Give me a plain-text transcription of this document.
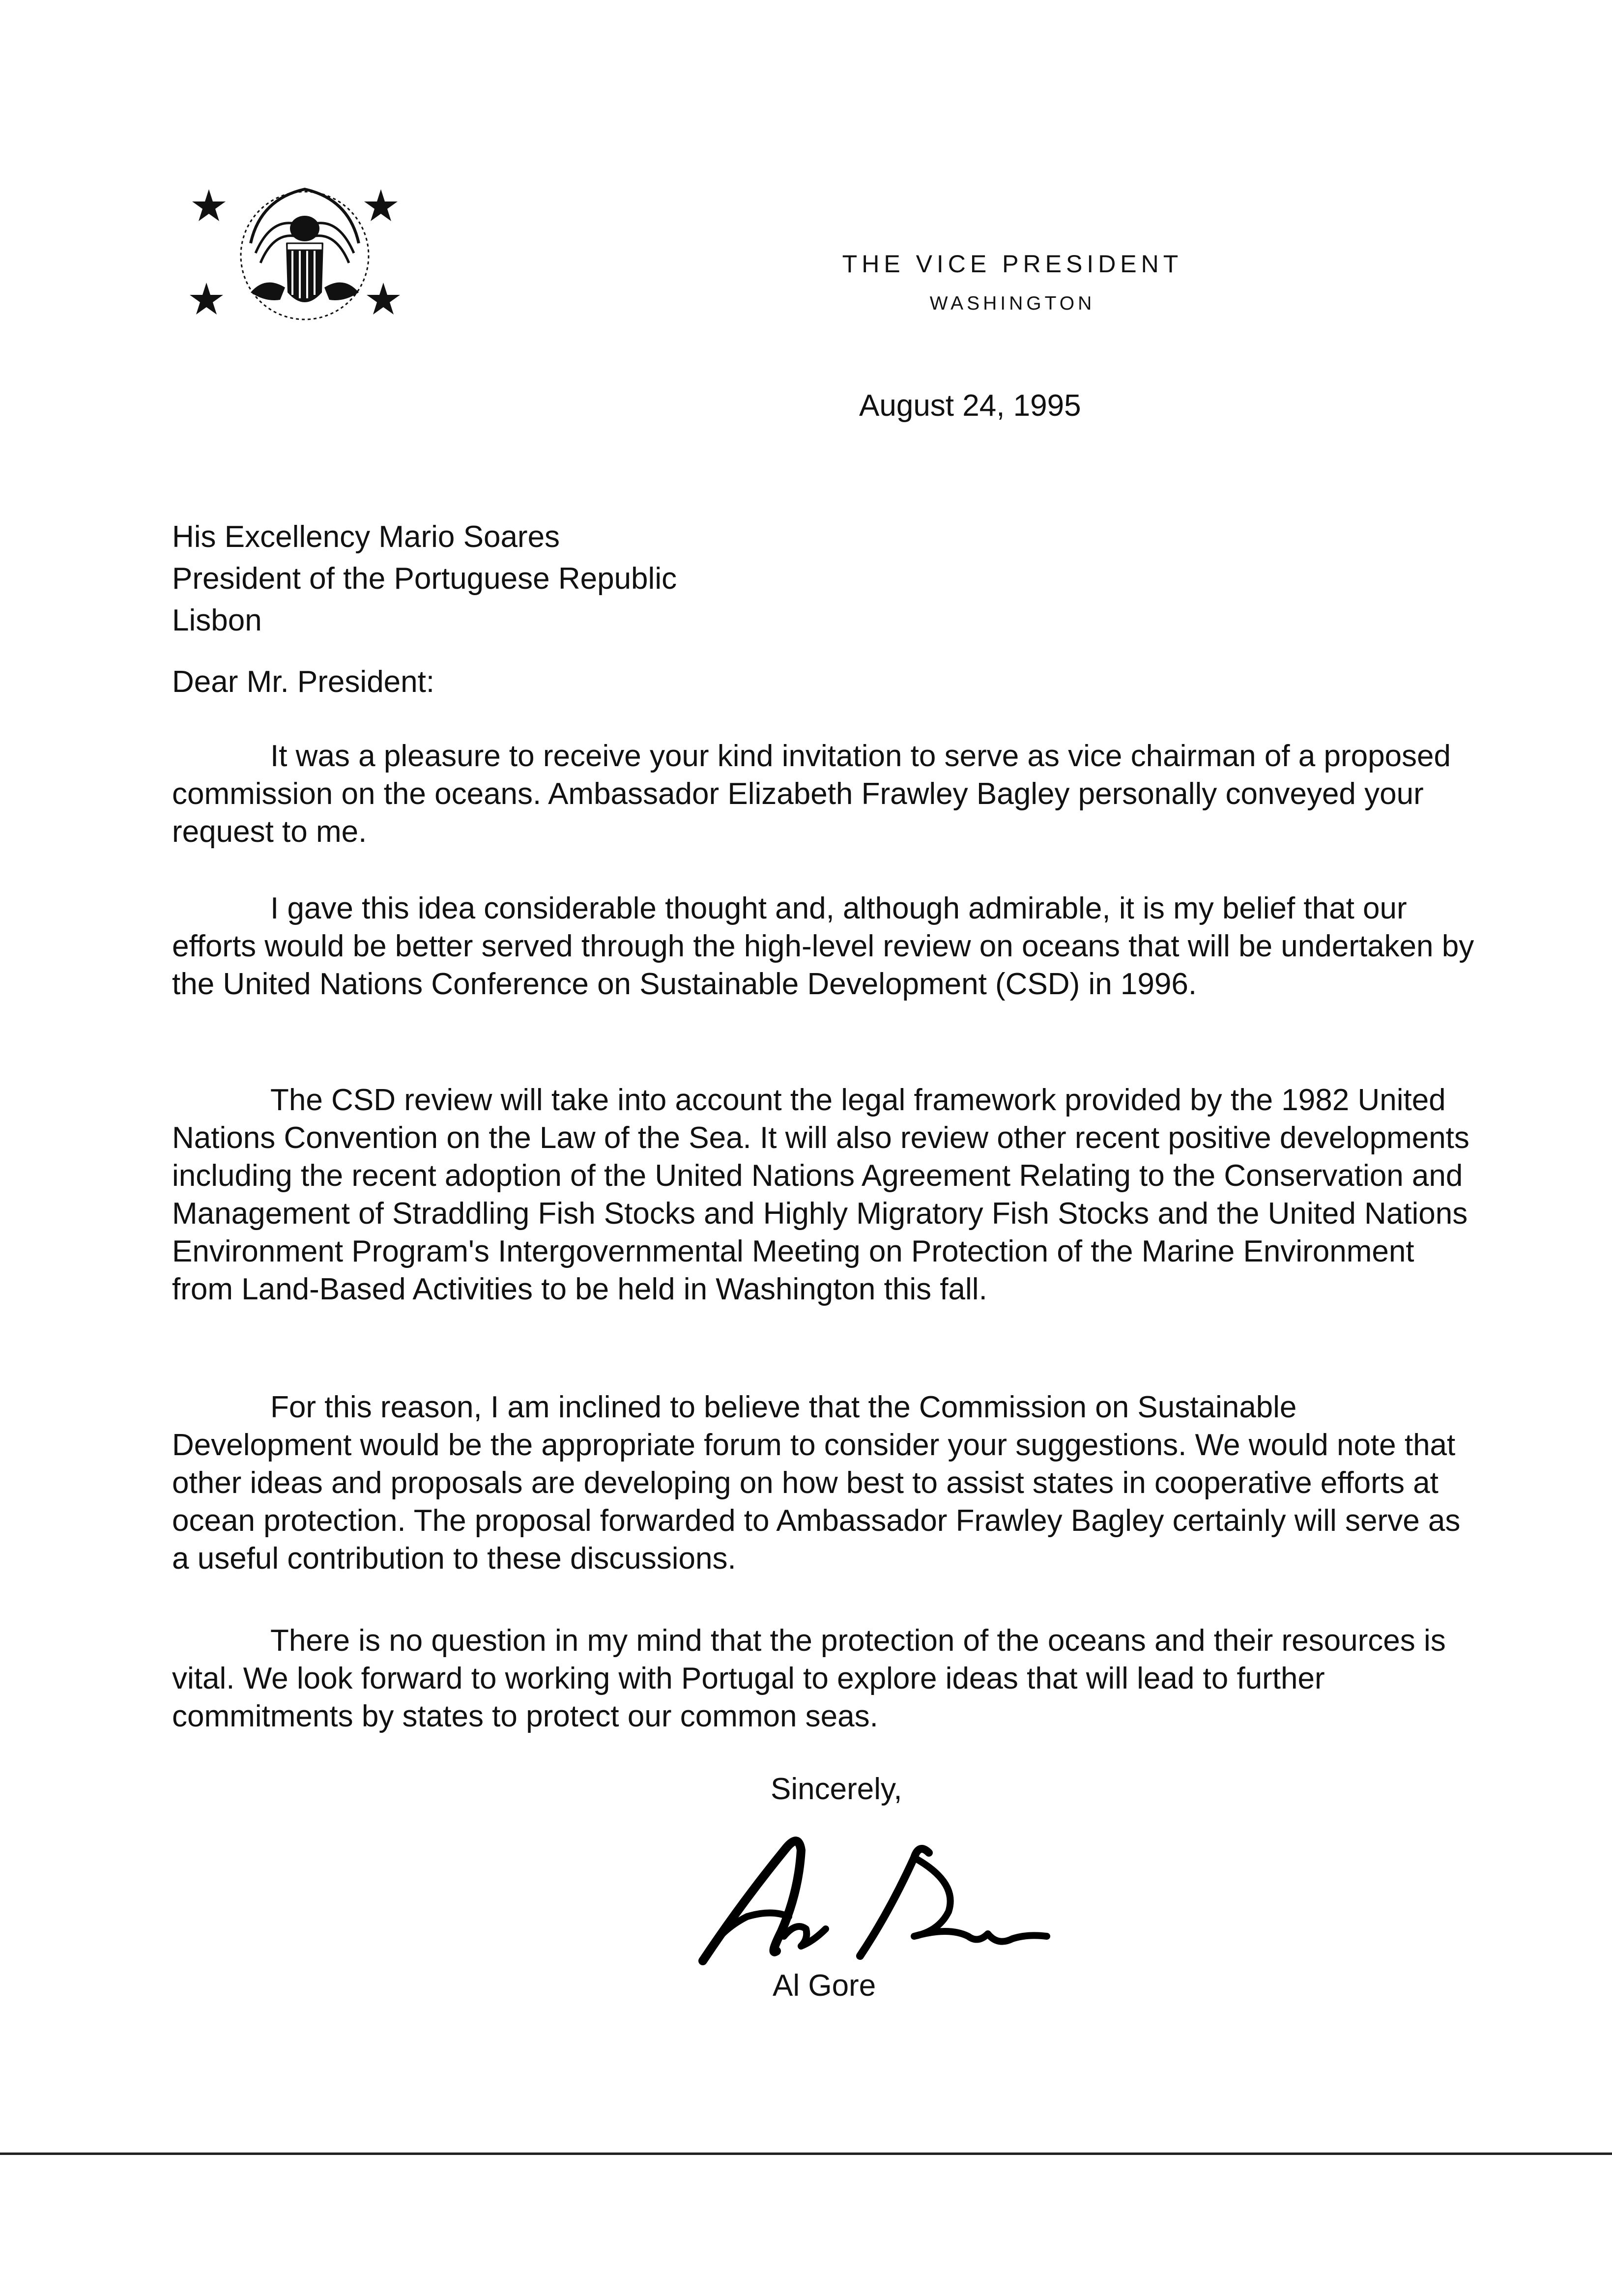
THE VICE PRESIDENT
WASHINGTON
August 24, 1995
His Excellency Mario Soares
President of the Portuguese Republic
Lisbon
Dear Mr. President:

It was a pleasure to receive your kind invitation to serve as vice chairman of a proposed commission on the oceans. Ambassador Elizabeth Frawley Bagley personally conveyed your request to me.

I gave this idea considerable thought and, although admirable, it is my belief that our efforts would be better served through the high-level review on oceans that will be undertaken by the United Nations Conference on Sustainable Development (CSD) in 1996.

The CSD review will take into account the legal framework provided by the 1982 United Nations Convention on the Law of the Sea. It will also review other recent positive developments including the recent adoption of the United Nations Agreement Relating to the Conservation and Management of Straddling Fish Stocks and Highly Migratory Fish Stocks and the United Nations Environment Program's Intergovernmental Meeting on Protection of the Marine Environment from Land-Based Activities to be held in Washington this fall.

For this reason, I am inclined to believe that the Commission on Sustainable Development would be the appropriate forum to consider your suggestions. We would note that other ideas and proposals are developing on how best to assist states in cooperative efforts at ocean protection. The proposal forwarded to Ambassador Frawley Bagley certainly will serve as a useful contribution to these discussions.

There is no question in my mind that the protection of the oceans and their resources is vital. We look forward to working with Portugal to explore ideas that will lead to further commitments by states to protect our common seas.

Sincerely,
Al Gore
